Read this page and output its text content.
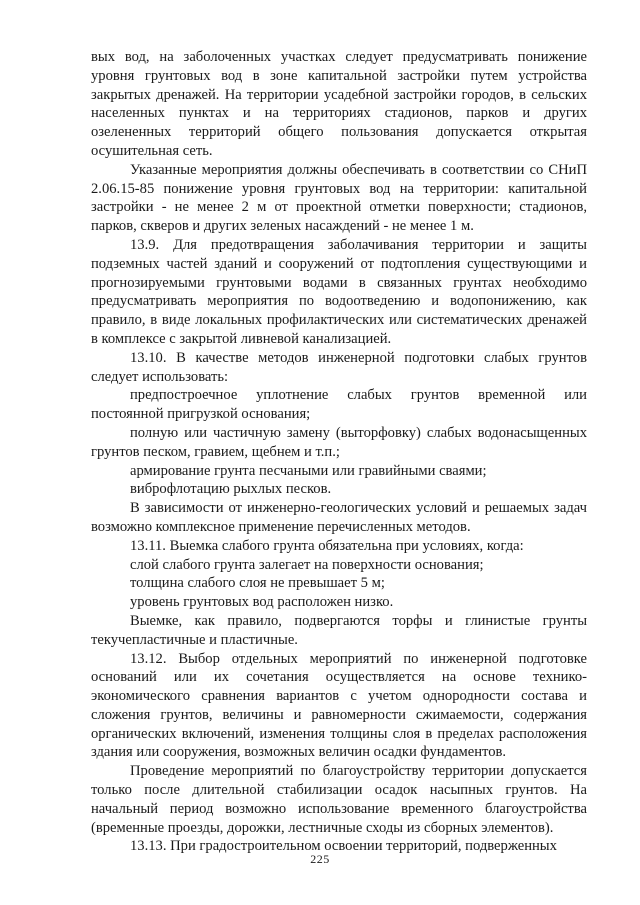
вых вод, на заболоченных участках следует предусматривать понижение уровня грунтовых вод в зоне капитальной застройки путем устройства закрытых дренажей. На территории усадебной застройки городов, в сельских населенных пунктах и на территориях стадионов, парков и других озелененных территорий общего пользования допускается открытая осушительная сеть.

Указанные мероприятия должны обеспечивать в соответствии со СНиП 2.06.15-85 понижение уровня грунтовых вод на территории: капитальной застройки - не менее 2 м от проектной отметки поверхности; стадионов, парков, скверов и других зеленых насаждений - не менее 1 м.

13.9. Для предотвращения заболачивания территории и защиты подземных частей зданий и сооружений от подтопления существующими и прогнозируемыми грунтовыми водами в связанных грунтах необходимо предусматривать мероприятия по водоотведению и водопонижению, как правило, в виде локальных профилактических или систематических дренажей в комплексе с закрытой ливневой канализацией.

13.10. В качестве методов инженерной подготовки слабых грунтов следует использовать:

предпостроечное уплотнение слабых грунтов временной или постоянной пригрузкой основания;

полную или частичную замену (выторфовку) слабых водонасыщенных грунтов песком, гравием, щебнем и т.п.;

армирование грунта песчаными или гравийными сваями;

виброфлотацию рыхлых песков.

В зависимости от инженерно-геологических условий и решаемых задач возможно комплексное применение перечисленных методов.

13.11. Выемка слабого грунта обязательна при условиях, когда:

слой слабого грунта залегает на поверхности основания;

толщина слабого слоя не превышает 5 м;

уровень грунтовых вод расположен низко.

Выемке, как правило, подвергаются торфы и глинистые грунты текучепластичные и пластичные.

13.12. Выбор отдельных мероприятий по инженерной подготовке оснований или их сочетания осуществляется на основе технико-экономического сравнения вариантов с учетом однородности состава и сложения грунтов, величины и равномерности сжимаемости, содержания органических включений, изменения толщины слоя в пределах расположения здания или сооружения, возможных величин осадки фундаментов.

Проведение мероприятий по благоустройству территории допускается только после длительной стабилизации осадок насыпных грунтов. На начальный период возможно использование временного благоустройства (временные проезды, дорожки, лестничные сходы из сборных элементов).

13.13. При градостроительном освоении территорий, подверженных

225
